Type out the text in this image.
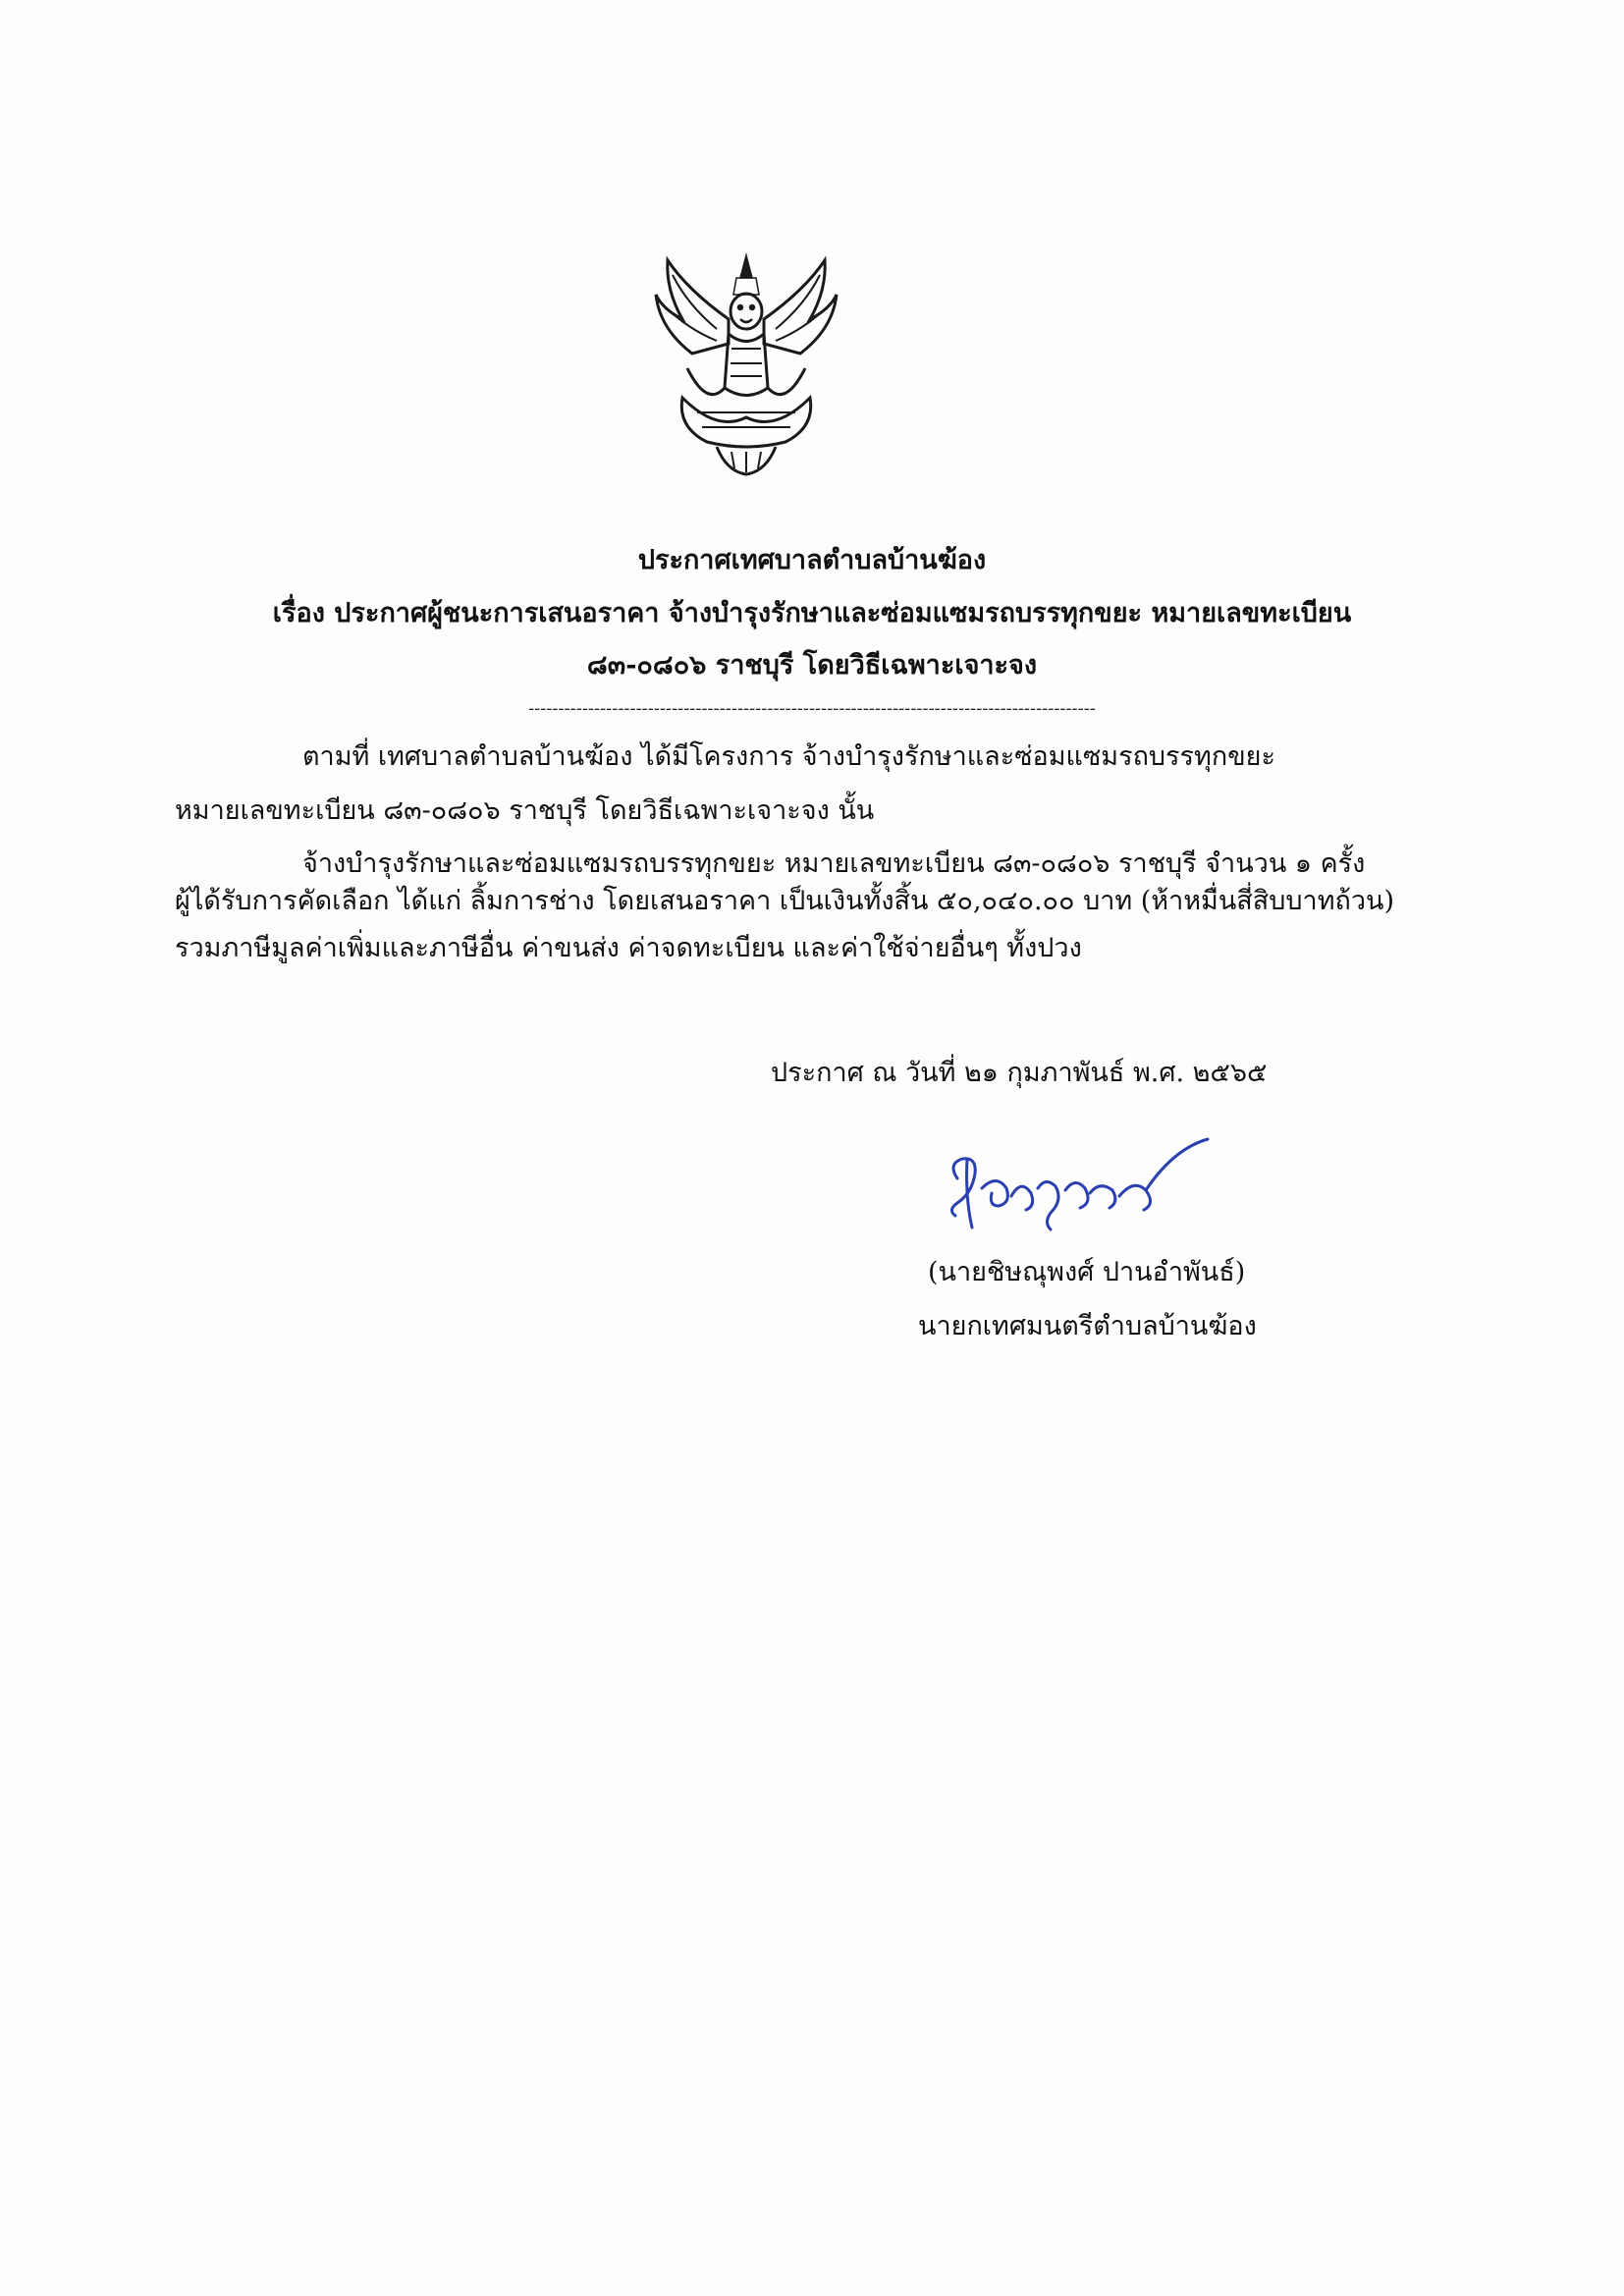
ประกาศเทศบาลตำบลบ้านฆ้อง
เรื่อง ประกาศผู้ชนะการเสนอราคา จ้างบำรุงรักษาและซ่อมแซมรถบรรทุกขยะ หมายเลขทะเบียน
๘๓-๐๘๐๖ ราชบุรี โดยวิธีเฉพาะเจาะจง
-----------------------------------------------------------------------------------------------
ตามที่ เทศบาลตำบลบ้านฆ้อง ได้มีโครงการ จ้างบำรุงรักษาและซ่อมแซมรถบรรทุกขยะ
หมายเลขทะเบียน ๘๓-๐๘๐๖ ราชบุรี โดยวิธีเฉพาะเจาะจง นั้น
จ้างบำรุงรักษาและซ่อมแซมรถบรรทุกขยะ หมายเลขทะเบียน ๘๓-๐๘๐๖ ราชบุรี จำนวน ๑ ครั้ง
ผู้ได้รับการคัดเลือก ได้แก่ ลิ้มการช่าง โดยเสนอราคา เป็นเงินทั้งสิ้น ๕๐,๐๔๐.๐๐ บาท (ห้าหมื่นสี่สิบบาทถ้วน)
รวมภาษีมูลค่าเพิ่มและภาษีอื่น ค่าขนส่ง ค่าจดทะเบียน และค่าใช้จ่ายอื่นๆ ทั้งปวง
ประกาศ ณ วันที่ ๒๑ กุมภาพันธ์ พ.ศ. ๒๕๖๕
(นายชิษณุพงศ์ ปานอำพันธ์)
นายกเทศมนตรีตำบลบ้านฆ้อง
